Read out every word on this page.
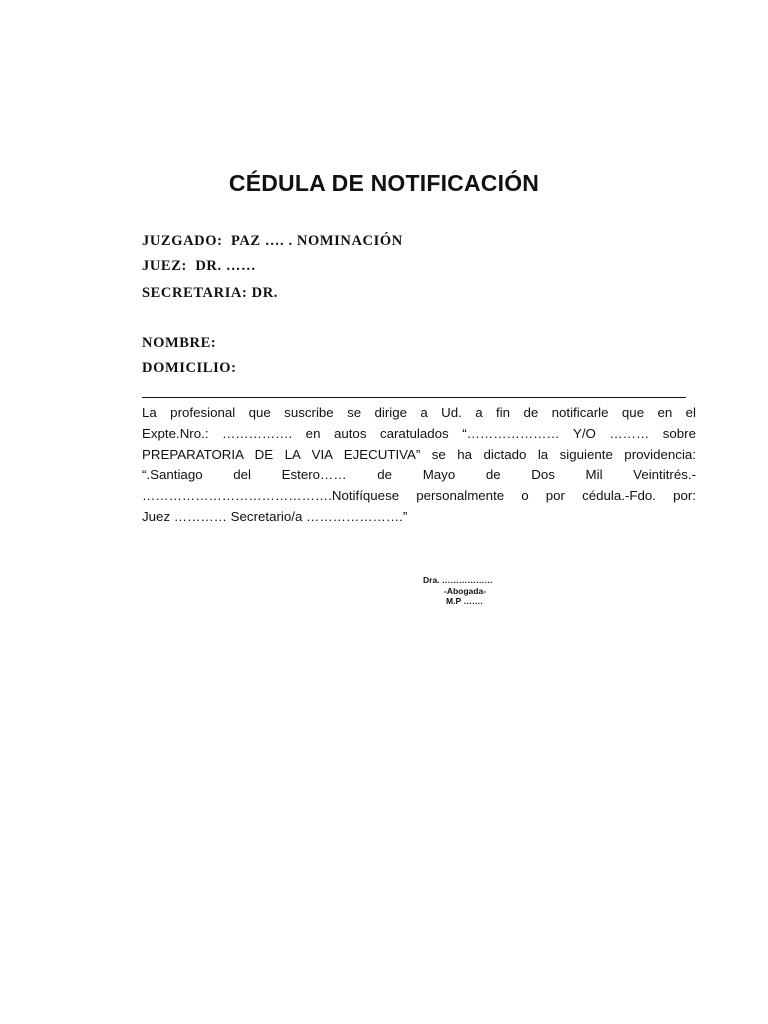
CÉDULA DE NOTIFICACIÓN
JUZGADO:  PAZ …. . NOMINACIÓN
JUEZ:  DR. ……
SECRETARIA: DR.
NOMBRE:
DOMICILIO:
La profesional que suscribe se dirige a Ud. a fin de notificarle que en el
Expte.Nro.: ……………. en autos caratulados “………………… Y/O ……… sobre
PREPARATORIA DE LA VIA EJECUTIVA” se ha dictado la siguiente providencia:
“.Santiago del Estero…… de Mayo de Dos Mil Veintitrés.-
…………………………………….Notifíquese personalmente o por cédula.-Fdo. por:
Juez ………… Secretario/a ………………….”
Dra. ………………
-Abogada-
M.P …….
